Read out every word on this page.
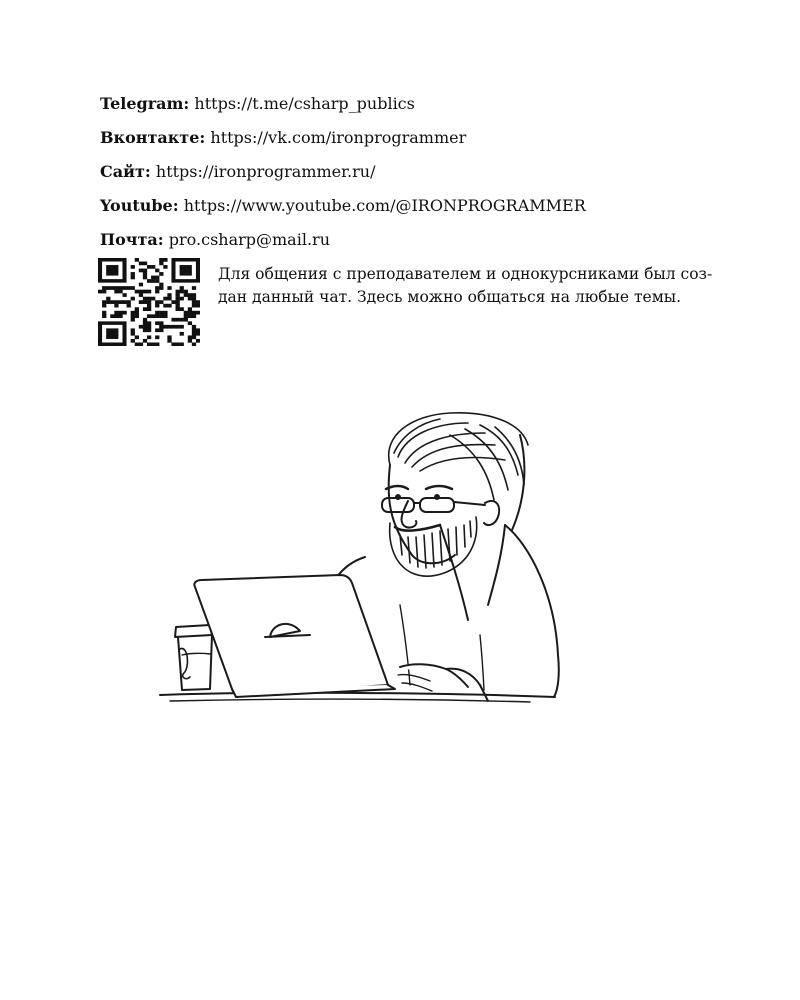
Telegram: https://t.me/csharp_publics
Вконтакте: https://vk.com/ironprogrammer
Сайт: https://ironprogrammer.ru/
Youtube: https://www.youtube.com/@IRONPROGRAMMER
Почта: pro.csharp@mail.ru
Для общения с преподавателем и однокурсниками был соз-
дан данный чат. Здесь можно общаться на любые темы.
